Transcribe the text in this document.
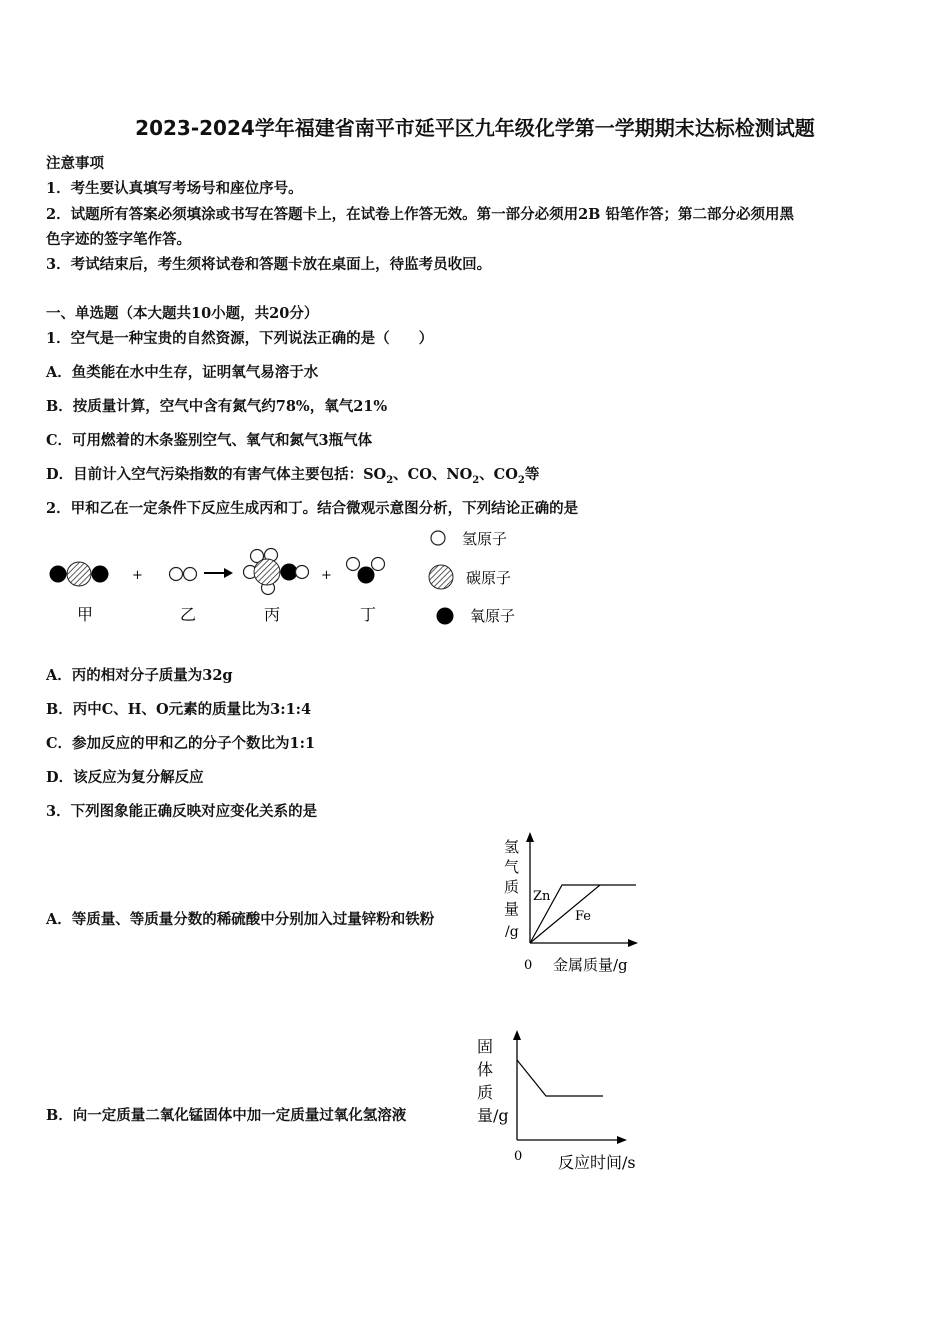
2023-2024学年福建省南平市延平区九年级化学第一学期期末达标检测试题
注意事项
1．考生要认真填写考场号和座位序号。
2．试题所有答案必须填涂或书写在答题卡上，在试卷上作答无效。第一部分必须用2B 铅笔作答；第二部分必须用黑
色字迹的签字笔作答。
3．考试结束后，考生须将试卷和答题卡放在桌面上，待监考员收回。
一、单选题（本大题共10小题，共20分）
1．空气是一种宝贵的自然资源，下列说法正确的是（　　）
A．鱼类能在水中生存，证明氧气易溶于水
B．按质量计算，空气中含有氮气约78%，氧气21%
C．可用燃着的木条鉴别空气、氧气和氮气3瓶气体
D．目前计入空气污染指数的有害气体主要包括：$SO_2$、CO、$NO_2$、$CO_2$等
2．甲和乙在一定条件下反应生成丙和丁。结合微观示意图分析，下列结论正确的是
+	+
甲	乙	丙	丁
氢原子
碳原子
氧原子
A．丙的相对分子质量为32g
B．丙中C、H、O元素的质量比为3:1:4
C．参加反应的甲和乙的分子个数比为1:1
D．该反应为复分解反应
3．下列图象能正确反映对应变化关系的是
A．等质量、等质量分数的稀硫酸中分别加入过量锌粉和铁粉
氢
气
质
量
/g
Zn
Fe
0 金属质量/g
B．向一定质量二氧化锰固体中加一定质量过氧化氢溶液
固
体
质
量/g
0 反应时间/s
